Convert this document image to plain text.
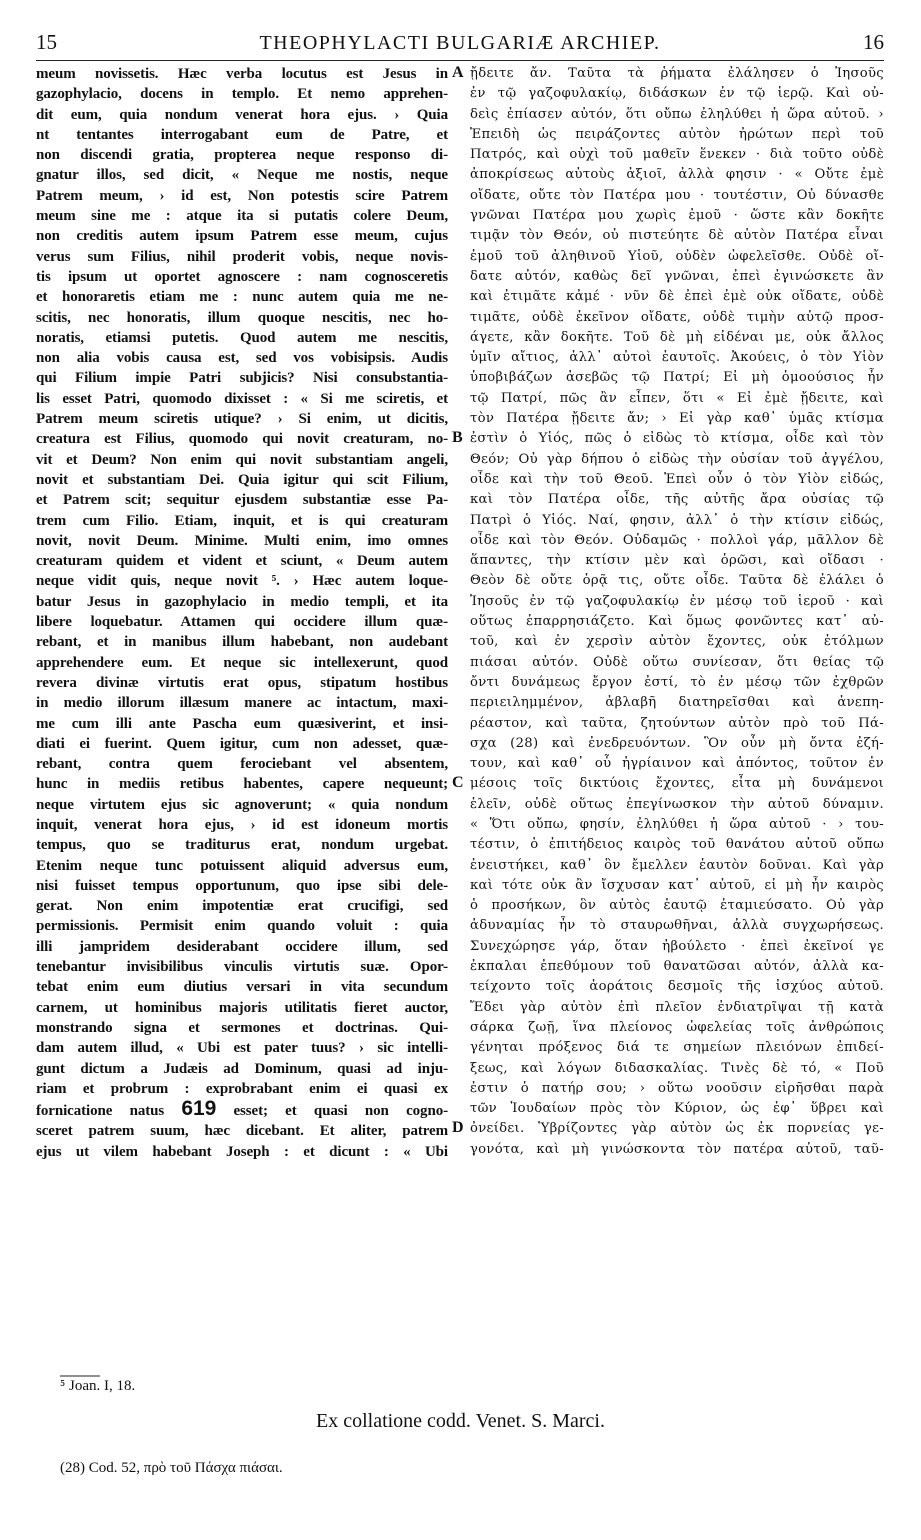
15	THEOPHYLACTI BULGARIÆ ARCHIEP.	16

meum novissetis. Hæc verba locutus est Jesus in

gazophylacio, docens in templo. Et nemo apprehen-

dit eum, quia nondum venerat hora ejus. › Quia

nt tentantes interrogabant eum de Patre, et

non discendi gratia, propterea neque responso di-

gnatur illos, sed dicit, « Neque me nostis, neque

Patrem meum, › id est, Non potestis scire Patrem

meum sine me : atque ita si putatis colere Deum,

non creditis autem ipsum Patrem esse meum, cujus

verus sum Filius, nihil proderit vobis, neque novis-

tis ipsum ut oportet agnoscere : nam cognosceretis

et honoraretis etiam me : nunc autem quia me ne-

scitis, nec honoratis, illum quoque nescitis, nec ho-

noratis, etiamsi putetis. Quod autem me nescitis,

non alia vobis causa est, sed vos vobisipsis. Audis

qui Filium impie Patri subjicis? Nisi consubstantia-

lis esset Patri, quomodo dixisset : « Si me sciretis, et

Patrem meum sciretis utique? › Si enim, ut dicitis,

creatura est Filius, quomodo qui novit creaturam, no-

vit et Deum? Non enim qui novit substantiam angeli,

novit et substantiam Dei. Quia igitur qui scit Filium,

et Patrem scit; sequitur ejusdem substantiæ esse Pa-

trem cum Filio. Etiam, inquit, et is qui creaturam

novit, novit Deum. Minime. Multi enim, imo omnes

creaturam quidem et vident et sciunt, « Deum autem

neque vidit quis, neque novit ⁵. › Hæc autem loque-

batur Jesus in gazophylacio in medio templi, et ita

libere loquebatur. Attamen qui occidere illum quæ-

rebant, et in manibus illum habebant, non audebant

apprehendere eum. Et neque sic intellexerunt, quod

revera divinæ virtutis erat opus, stipatum hostibus

in medio illorum illæsum manere ac intactum, maxi-

me cum illi ante Pascha eum quæsiverint, et insi-

diati ei fuerint. Quem igitur, cum non adesset, quæ-

rebant, contra quem ferociebant vel absentem,

hunc in mediis retibus habentes, capere nequeunt;

neque virtutem ejus sic agnoverunt; « quia nondum

inquit, venerat hora ejus, › id est idoneum mortis

tempus, quo se traditurus erat, nondum urgebat.

Etenim neque tunc potuissent aliquid adversus eum,

nisi fuisset tempus opportunum, quo ipse sibi dele-

gerat. Non enim impotentiæ erat crucifigi, sed

permissionis. Permisit enim quando voluit : quia

illi jampridem desiderabant occidere illum, sed

tenebantur invisibilibus vinculis virtutis suæ. Opor-

tebat enim eum diutius versari in vita secundum

carnem, ut hominibus majoris utilitatis fieret auctor,

monstrando signa et sermones et doctrinas. Qui-

dam autem illud, « Ubi est pater tuus? › sic intelli-

gunt dictum a Judæis ad Dominum, quasi ad inju-

riam et probrum : exprobrabant enim ei quasi ex

fornicatione natus 619 esset; et quasi non cogno-

sceret patrem suum, hæc dicebant. Et aliter, patrem

ejus ut vilem habebant Joseph : et dicunt : « Ubi

ᾔδειτε ἄν. Ταῦτα τὰ ῥήματα ἐλάλησεν ὁ Ἰησοῦς

ἐν τῷ γαζοφυλακίῳ, διδάσκων ἐν τῷ ἱερῷ. Καὶ οὐ-

δεὶς ἐπίασεν αὐτόν, ὅτι οὔπω ἐληλύθει ἡ ὥρα αὐτοῦ. ›

Ἐπειδὴ ὡς πειράζοντες αὐτὸν ἠρώτων περὶ τοῦ

Πατρός, καὶ οὐχὶ τοῦ μαθεῖν ἕνεκεν · διὰ τοῦτο οὐδὲ

ἀποκρίσεως αὐτοὺς ἀξιοῖ, ἀλλὰ φησιν · « Οὔτε ἐμὲ

οἴδατε, οὔτε τὸν Πατέρα μου · τουτέστιν, Οὐ δύνασθε

γνῶναι Πατέρα μου χωρὶς ἐμοῦ · ὥστε κἂν δοκῆτε

τιμᾷν τὸν Θεόν, οὐ πιστεύητε δὲ αὐτὸν Πατέρα εἶναι

ἐμοῦ τοῦ ἀληθινοῦ Υἱοῦ, οὐδὲν ὠφελεῖσθε. Οὐδὲ οἴ-

δατε αὐτόν, καθὼς δεῖ γνῶναι, ἐπεὶ ἐγινώσκετε ἂν

καὶ ἐτιμᾶτε κἀμέ · νῦν δὲ ἐπεὶ ἐμὲ οὐκ οἴδατε, οὐδὲ

τιμᾶτε, οὐδὲ ἐκεῖνον οἴδατε, οὐδὲ τιμὴν αὐτῷ προσ-

άγετε, κἂν δοκῆτε. Τοῦ δὲ μὴ εἰδέναι με, οὐκ ἄλλος

ὑμῖν αἴτιος, ἀλλ᾽ αὐτοὶ ἑαυτοῖς. Ἀκούεις, ὁ τὸν Υἱὸν

ὑποβιβάζων ἀσεβῶς τῷ Πατρί; Εἰ μὴ ὁμοούσιος ἦν

τῷ Πατρί, πῶς ἂν εἶπεν, ὅτι « Εἰ ἐμὲ ᾔδειτε, καὶ

τὸν Πατέρα ᾔδειτε ἄν; › Εἰ γὰρ καθ᾽ ὑμᾶς κτίσμα

ἐστὶν ὁ Υἱός, πῶς ὁ εἰδὼς τὸ κτίσμα, οἶδε καὶ τὸν

Θεόν; Οὐ γὰρ δήπου ὁ εἰδὼς τὴν οὐσίαν τοῦ ἀγγέλου,

οἶδε καὶ τὴν τοῦ Θεοῦ. Ἐπεὶ οὖν ὁ τὸν Υἱὸν εἰδώς,

καὶ τὸν Πατέρα οἶδε, τῆς αὐτῆς ἄρα οὐσίας τῷ

Πατρὶ ὁ Υἱός. Ναί, φησιν, ἀλλ᾽ ὁ τὴν κτίσιν εἰδώς,

οἶδε καὶ τὸν Θεόν. Οὐδαμῶς · πολλοὶ γάρ, μᾶλλον δὲ

ἅπαντες, τὴν κτίσιν μὲν καὶ ὁρῶσι, καὶ οἴδασι ·

Θεὸν δὲ οὔτε ὁρᾷ τις, οὔτε οἶδε. Ταῦτα δὲ ἐλάλει ὁ

Ἰησοῦς ἐν τῷ γαζοφυλακίῳ ἐν μέσῳ τοῦ ἱεροῦ · καὶ

οὕτως ἐπαρρησιάζετο. Καὶ ὅμως φονῶντες κατ᾽ αὐ-

τοῦ, καὶ ἐν χερσὶν αὐτὸν ἔχοντες, οὐκ ἐτόλμων

πιάσαι αὐτόν. Οὐδὲ οὕτω συνίεσαν, ὅτι θείας τῷ

ὄντι δυνάμεως ἔργον ἐστί, τὸ ἐν μέσῳ τῶν ἐχθρῶν

περιειλημμένον, ἀβλαβῆ διατηρεῖσθαι καὶ ἀνεπη-

ρέαστον, καὶ ταῦτα, ζητούντων αὐτὸν πρὸ τοῦ Πά-

σχα (28) καὶ ἐνεδρευόντων. Ὃν οὖν μὴ ὄντα ἐζή-

τουν, καὶ καθ᾽ οὗ ἠγρίαινον καὶ ἀπόντος, τοῦτον ἐν

μέσοις τοῖς δικτύοις ἔχοντες, εἶτα μὴ δυνάμενοι

ἑλεῖν, οὐδὲ οὕτως ἐπεγίνωσκον τὴν αὐτοῦ δύναμιν.

« Ὅτι οὔπω, φησίν, ἐληλύθει ἡ ὥρα αὐτοῦ · › του-

τέστιν, ὁ ἐπιτήδειος καιρὸς τοῦ θανάτου αὐτοῦ οὔπω

ἐνειστήκει, καθ᾽ ὃν ἔμελλεν ἑαυτὸν δοῦναι. Καὶ γὰρ

καὶ τότε οὐκ ἂν ἴσχυσαν κατ᾽ αὐτοῦ, εἰ μὴ ἦν καιρὸς

ὁ προσήκων, ὃν αὐτὸς ἑαυτῷ ἐταμιεύσατο. Οὐ γὰρ

ἀδυναμίας ἦν τὸ σταυρωθῆναι, ἀλλὰ συγχωρήσεως.

Συνεχώρησε γάρ, ὅταν ἠβούλετο · ἐπεὶ ἐκεῖνοί γε

ἐκπαλαι ἐπεθύμουν τοῦ θανατῶσαι αὐτόν, ἀλλὰ κα-

τείχοντο τοῖς ἀοράτοις δεσμοῖς τῆς ἰσχύος αὐτοῦ.

Ἔδει γὰρ αὐτὸν ἐπὶ πλεῖον ἐνδιατρῖψαι τῇ κατὰ

σάρκα ζωῇ, ἵνα πλείονος ὠφελείας τοῖς ἀνθρώποις

γένηται πρόξενος διά τε σημείων πλειόνων ἐπιδεί-

ξεως, καὶ λόγων διδασκαλίας. Τινὲς δὲ τό, « Ποῦ

ἐστιν ὁ πατήρ σου; › οὕτω νοοῦσιν εἰρῆσθαι παρὰ

τῶν Ἰουδαίων πρὸς τὸν Κύριον, ὡς ἐφ᾽ ὕβρει καὶ

ὀνείδει. Ὑβρίζοντες γὰρ αὐτὸν ὡς ἐκ πορνείας γε-

γονότα, καὶ μὴ γινώσκοντα τὸν πατέρα αὐτοῦ, ταῦ-

A
B
C
D
⁵ Joan. I, 18.
Ex collatione codd. Venet. S. Marci.
(28) Cod. 52, πρὸ τοῦ Πάσχα πιάσαι.
